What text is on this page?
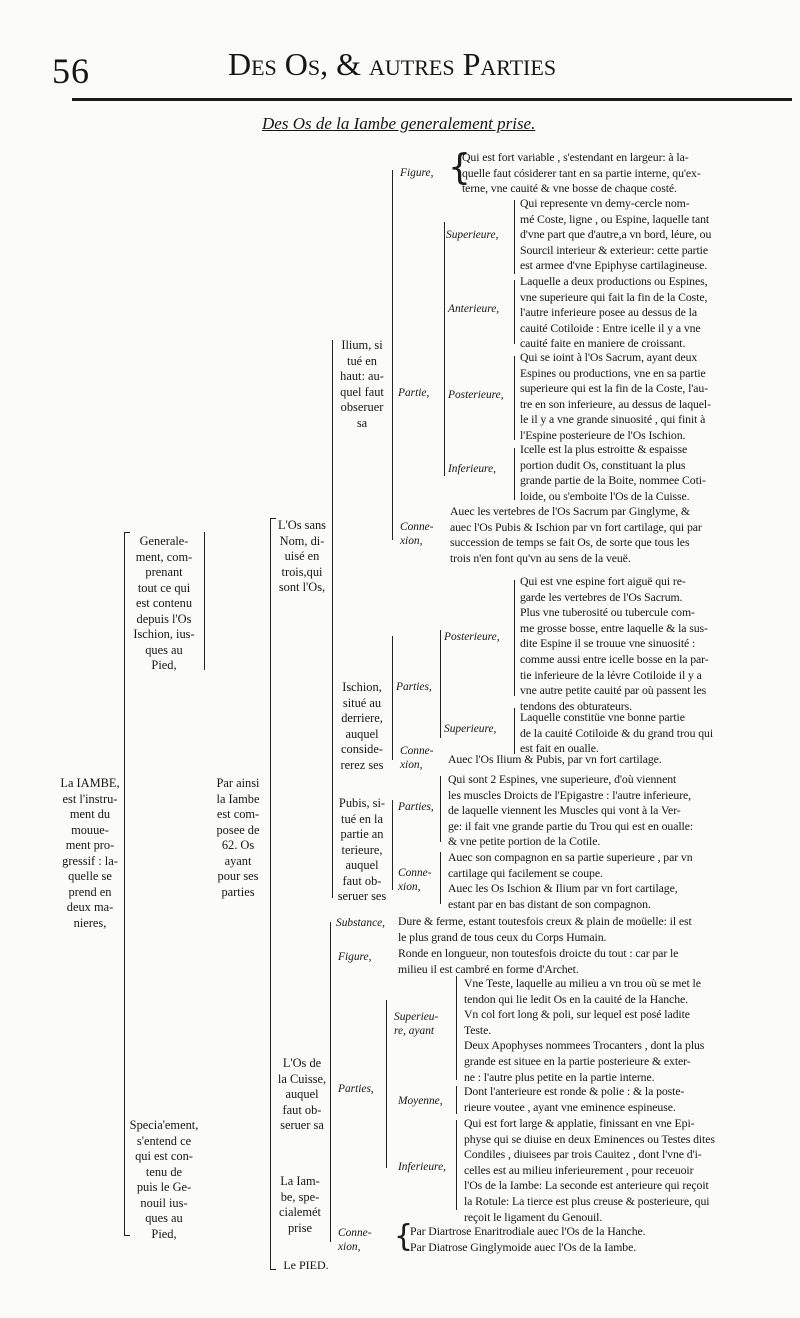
56	Des Os, & autres Parties
Des Os de la Iambe generalement prise.
La IAMBE,
est l'instru-
ment du
mouue-
ment pro-
gressif : la-
quelle se
prend en
deux ma-
nieres,
Generale-
ment, com-
prenant
tout ce qui
est contenu
depuis l'Os
Ischion, ius-
ques au
Pied,
Specia'ement,
s'entend ce
qui est con-
tenu de
puis le Ge-
nouil ius-
ques au
Pied,
Par ainsi
la Iambe
est com-
posee de
62. Os
ayant
pour ses
parties
L'Os sans
Nom, di-
uisé en
trois,qui
sont l'Os,
L'Os de
la Cuisse,
auquel
faut ob-
seruer sa
La Iam-
be, spe-
cialemét
prise
Le PIED.
Ilium, si
tué en
haut: au-
quel faut
obseruer
sa
Ischion,
situé au
derriere,
auquel
conside-
rerez ses
Pubis, si-
tué en la
partie an
terieure,
auquel
faut ob-
seruer ses
Figure,
Partie,
Superieure,
Anterieure,
Posterieure,
Inferieure,
Conne-
xion,
{
Qui est fort variable , s'estendant en largeur: à la-
quelle faut cósiderer tant en sa partie interne, qu'ex-
terne, vne cauité & vne bosse de chaque costé.
Qui represente vn demy-cercle nom-
mé Coste, ligne , ou Espine, laquelle tant
d'vne part que d'autre,a vn bord, léure, ou
Sourcil interieur & exterieur: cette partie
est armee d'vne Epiphyse cartilagineuse.
Laquelle a deux productions ou Espines,
vne superieure qui fait la fin de la Coste,
l'autre inferieure posee au dessus de la
cauité Cotiloide : Entre icelle il y a vne
cauité faite en maniere de croissant.
Qui se ioint à l'Os Sacrum, ayant deux
Espines ou productions, vne en sa partie
superieure qui est la fin de la Coste, l'au-
tre en son inferieure, au dessus de laquel-
le il y a vne grande sinuosité , qui finit à
l'Espine posterieure de l'Os Ischion.
Icelle est la plus estroitte & espaisse
portion dudit Os, constituant la plus
grande partie de la Boite, nommee Coti-
loide, ou s'emboite l'Os de la Cuisse.
Auec les vertebres de l'Os Sacrum par Ginglyme, &
auec l'Os Pubis & Ischion par vn fort cartilage, qui par
succession de temps se fait Os, de sorte que tous les
trois n'en font qu'vn au sens de la veuë.
Parties,
Posterieure,
Superieure,
Conne-
xion,
Qui est vne espine fort aiguë qui re-
garde les vertebres de l'Os Sacrum.
Plus vne tuberosité ou tubercule com-
me grosse bosse, entre laquelle & la sus-
dite Espine il se trouue vne sinuosité :
comme aussi entre icelle bosse en la par-
tie inferieure de la lévre Cotiloide il y a
vne autre petite cauité par où passent les
tendons des obturateurs.
Laquelle constitüe vne bonne partie
de la cauité Cotiloide & du grand trou qui
est fait en oualle.
Auec l'Os Ilium & Pubis, par vn fort cartilage.
Parties,
Conne-
xion,
Qui sont 2 Espines, vne superieure, d'où viennent
les muscles Droicts de l'Epigastre : l'autre inferieure,
de laquelle viennent les Muscles qui vont à la Ver-
ge: il fait vne grande partie du Trou qui est en oualle:
& vne petite portion de la Cotile.
Auec son compagnon en sa partie superieure , par vn
cartilage qui facilement se coupe.
Auec les Os Ischion & Ilium par vn fort cartilage,
estant par en bas distant de son compagnon.
Substance,
Figure,
Parties,
Superieu-
re, ayant
Moyenne,
Inferieure,
Dure & ferme, estant toutesfois creux & plain de moüelle: il est
le plus grand de tous ceux du Corps Humain.
Ronde en longueur, non toutesfois droicte du tout : car par le
milieu il est cambré en forme d'Archet.
Vne Teste, laquelle au milieu a vn trou où se met le
tendon qui lie ledit Os en la cauité de la Hanche.
Vn col fort long & poli, sur lequel est posé ladite
Teste.
Deux Apophyses nommees Trocanters , dont la plus
grande est situee en la partie posterieure & exter-
ne : l'autre plus petite en la partie interne.
Dont l'anterieure est ronde & polie : & la poste-
rieure voutee , ayant vne eminence espineuse.
Qui est fort large & applatie, finissant en vne Epi-
physe qui se diuise en deux Eminences ou Testes dites
Condiles , diuisees par trois Cauitez , dont l'vne d'i-
celles est au milieu inferieurement , pour receuoir
l'Os de la Iambe: La seconde est anterieure qui reçoit
la Rotule: La tierce est plus creuse & posterieure, qui
reçoit le ligament du Genouil.
Conne-
xion,	{
Par Diartrose Enaritrodiale auec l'Os de la Hanche.
Par Diatrose Ginglymoide auec l'Os de la Iambe.
